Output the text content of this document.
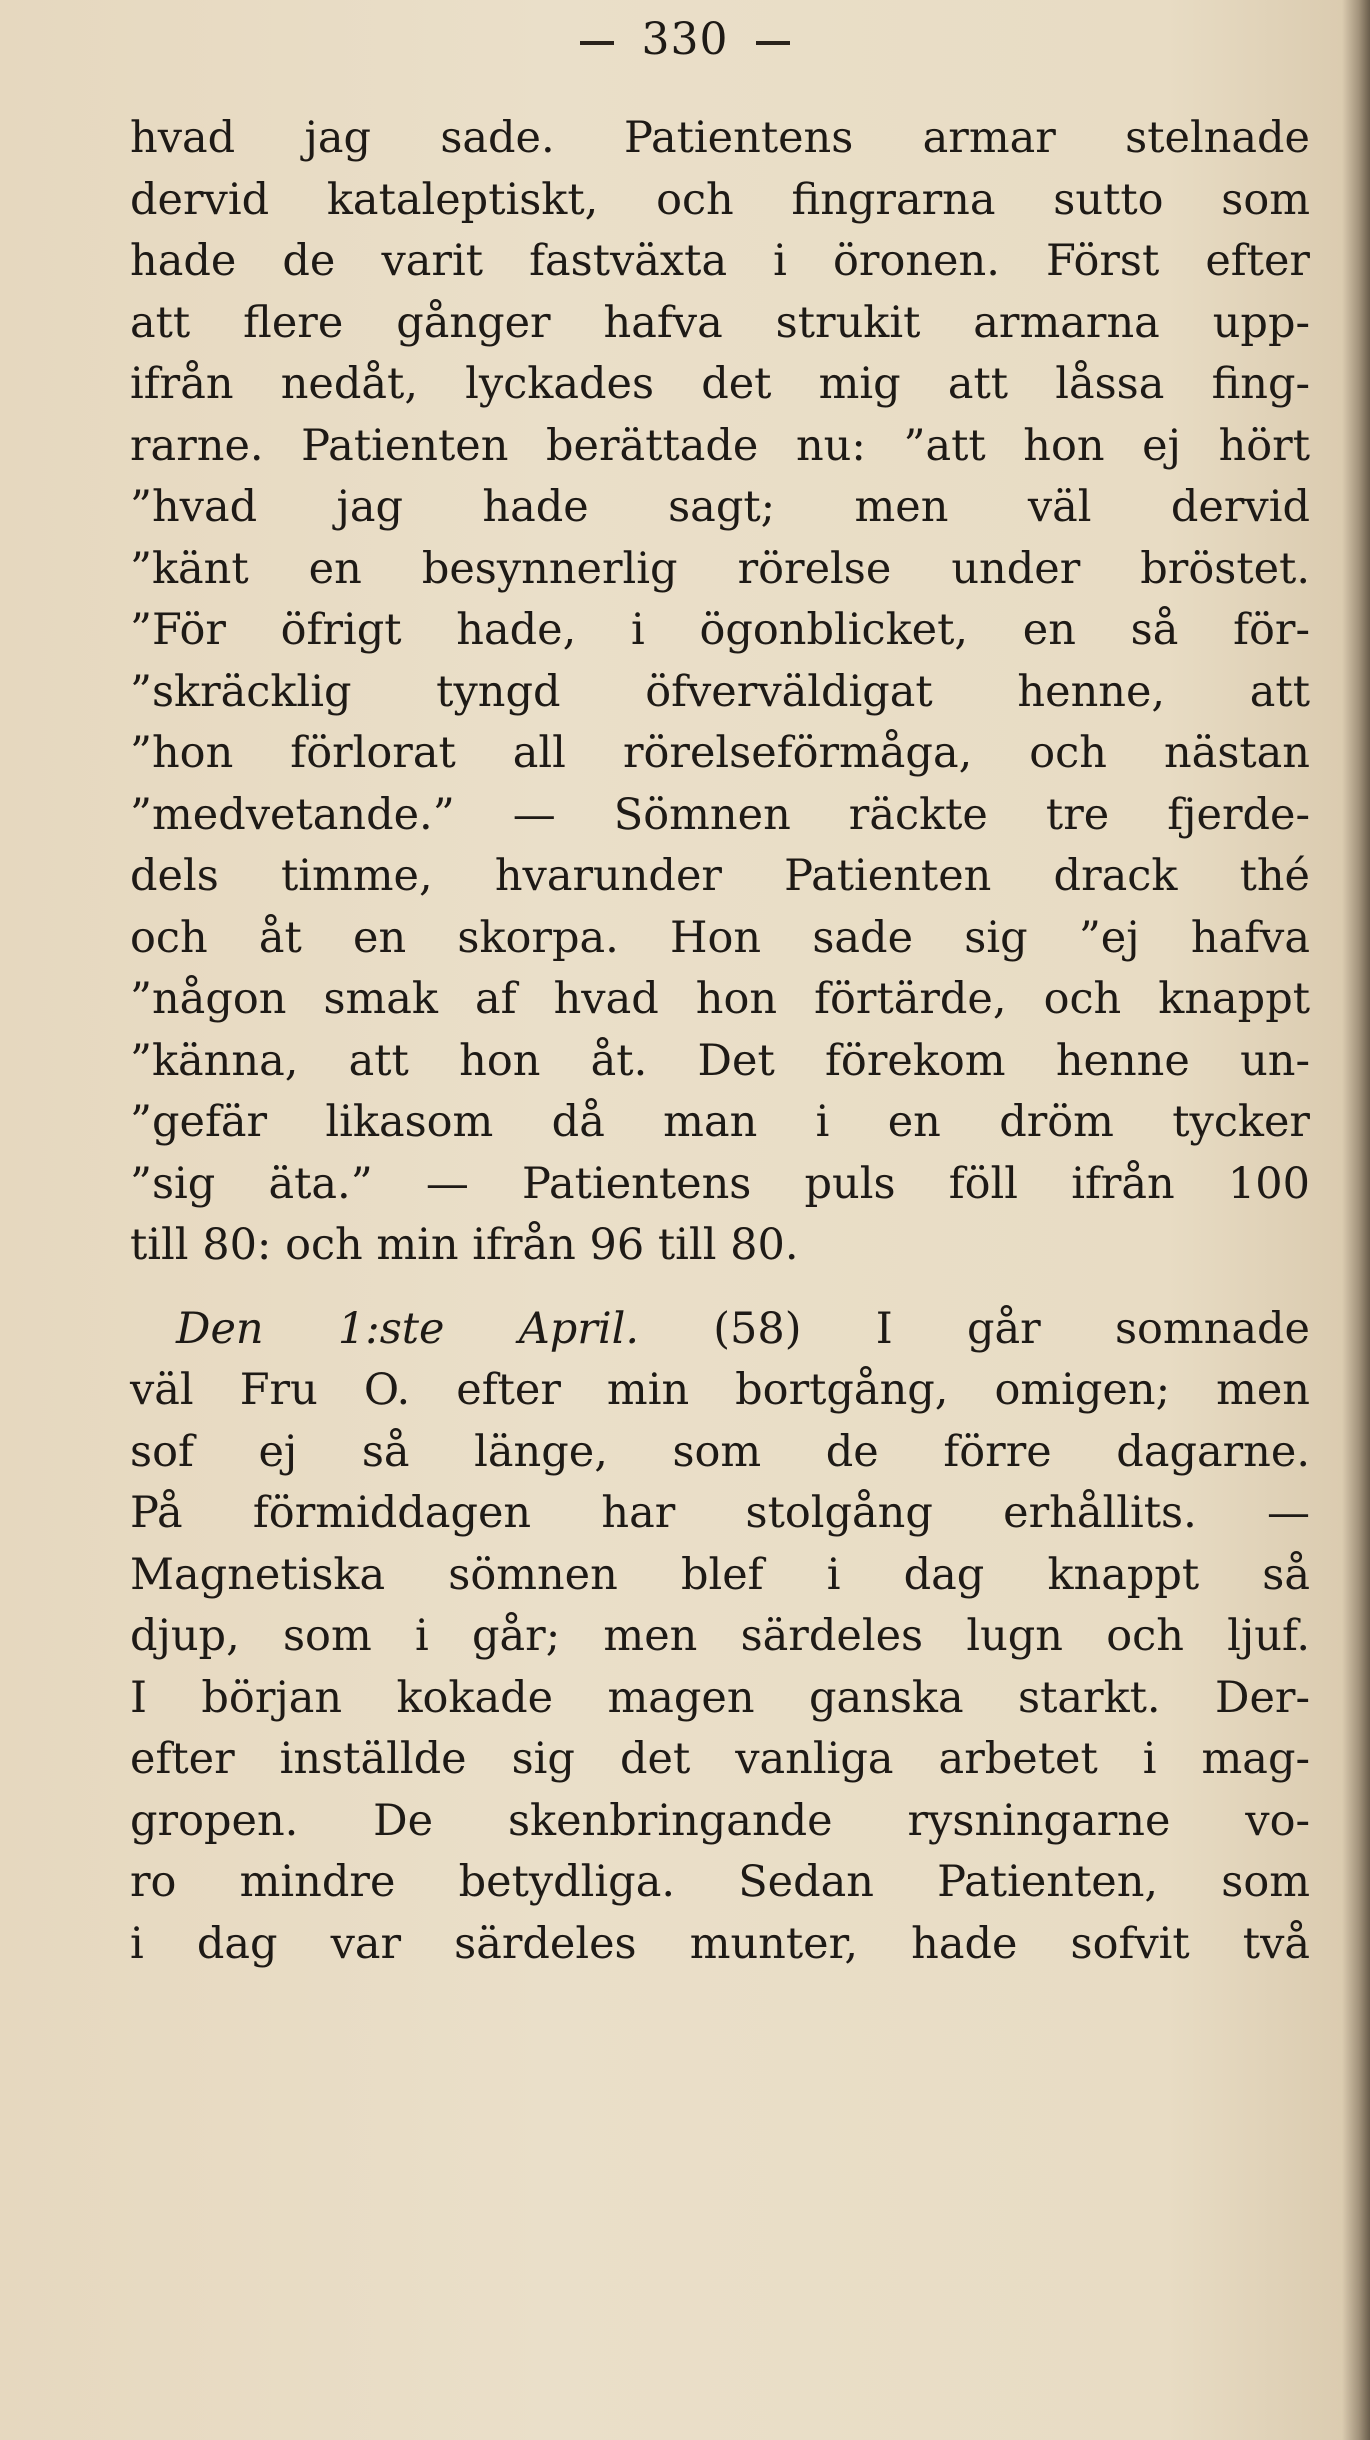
330
hvad jag sade. Patientens armar stelnade
dervid kataleptiskt, och fingrarna sutto som
hade de varit fastväxta i öronen. Först efter
att flere gånger hafva strukit armarna upp-
ifrån nedåt, lyckades det mig att låssa fing-
rarne. Patienten berättade nu: ”att hon ej hört
”hvad jag hade sagt; men väl dervid
”känt en besynnerlig rörelse under bröstet.
”För öfrigt hade, i ögonblicket, en så för-
”skräcklig tyngd öfverväldigat henne, att
”hon förlorat all rörelseförmåga, och nästan
”medvetande.” — Sömnen räckte tre fjerde-
dels timme, hvarunder Patienten drack thé
och åt en skorpa. Hon sade sig ”ej hafva
”någon smak af hvad hon förtärde, och knappt
”känna, att hon åt. Det förekom henne un-
”gefär likasom då man i en dröm tycker
”sig äta.” — Patientens puls föll ifrån 100
till 80: och min ifrån 96 till 80.
Den 1:ste April. (58) I går somnade
väl Fru O. efter min bortgång, omigen; men
sof ej så länge, som de förre dagarne.
På förmiddagen har stolgång erhållits. —
Magnetiska sömnen blef i dag knappt så
djup, som i går; men särdeles lugn och ljuf.
I början kokade magen ganska starkt. Der-
efter inställde sig det vanliga arbetet i mag-
gropen. De skenbringande rysningarne vo-
ro mindre betydliga. Sedan Patienten, som
i dag var särdeles munter, hade sofvit två
